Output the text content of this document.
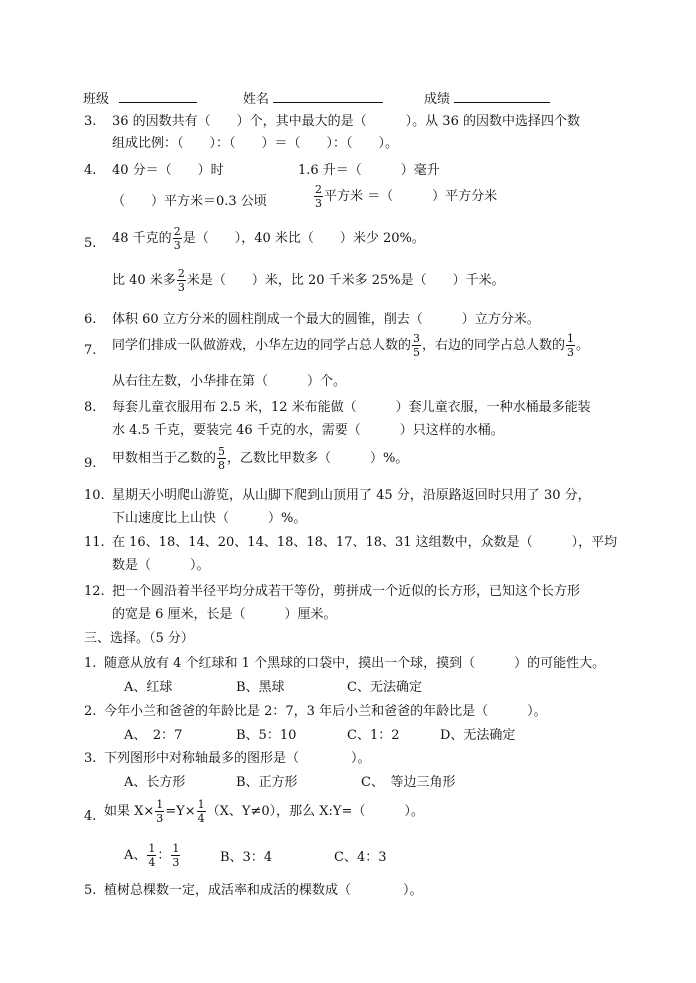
班级	姓名	成绩
3. 36 的因数共有（　　）个，其中最大的是（　　　）。从 36 的因数中选择四个数
组成比例：（　　）：（　　）＝（　　）：（　　）。
4. 40 分＝（　　）时	1.6 升＝（　　　）毫升
（　　）平方米＝0.3 公顷	$\frac{2}{3}$ 平方米 ＝（　　　）平方分米
5. 48 千克的 $\frac{2}{3}$ 是（　　），40 米比（　　）米少 20%。
比 40 米多 $\frac{2}{3}$ 米是（　　）米，比 20 千米多 25%是（　　）千米。
6. 体积 60 立方分米的圆柱削成一个最大的圆锥，削去（　　　）立方分米。
7. 同学们排成一队做游戏，小华左边的同学占总人数的 $\frac{3}{5}$ ，右边的同学占总人数的 $\frac{1}{3}$ 。
从右往左数，小华排在第（　　　）个。
8. 每套儿童衣服用布 2.5 米，12 米布能做（　　　）套儿童衣服，一种水桶最多能装
水 4.5 千克，要装完 46 千克的水，需要（　　　）只这样的水桶。
9. 甲数相当于乙数的 $\frac{5}{8}$ ，乙数比甲数多（　　　）%。
10. 星期天小明爬山游览，从山脚下爬到山顶用了 45 分，沿原路返回时只用了 30 分，
下山速度比上山快（　　　）%。
11. 在 16、18、14、20、14、18、18、17、18、31 这组数中，众数是（　　　），平均
数是（　　　）。
12. 把一个圆沿着半径平均分成若干等份，剪拼成一个近似的长方形，已知这个长方形
的宽是 6 厘米，长是（　　　）厘米。
三、选择。（5 分）
1. 随意从放有 4 个红球和 1 个黑球的口袋中，摸出一个球，摸到（　　　）的可能性大。
A、红球	B、黑球	C、无法确定
2. 今年小兰和爸爸的年龄比是 2：7，3 年后小兰和爸爸的年龄比是（　　　）。
A、　2：7	B、5：10	C、1：2	D、无法确定
3. 下列图形中对称轴最多的图形是（　　　　）。
A、长方形	B、正方形	C、　等边三角形
4. 如果 $X\times \frac{1}{3} =Y\times \frac{1}{4} (X$、Y≠0），那么 X:Y=（　　　）。
A、 $\frac{1}{4}$ ： $\frac{1}{3}$	B、3：4	C、4：3
5. 植树总棵数一定，成活率和成活的棵数成（　　　　）。
